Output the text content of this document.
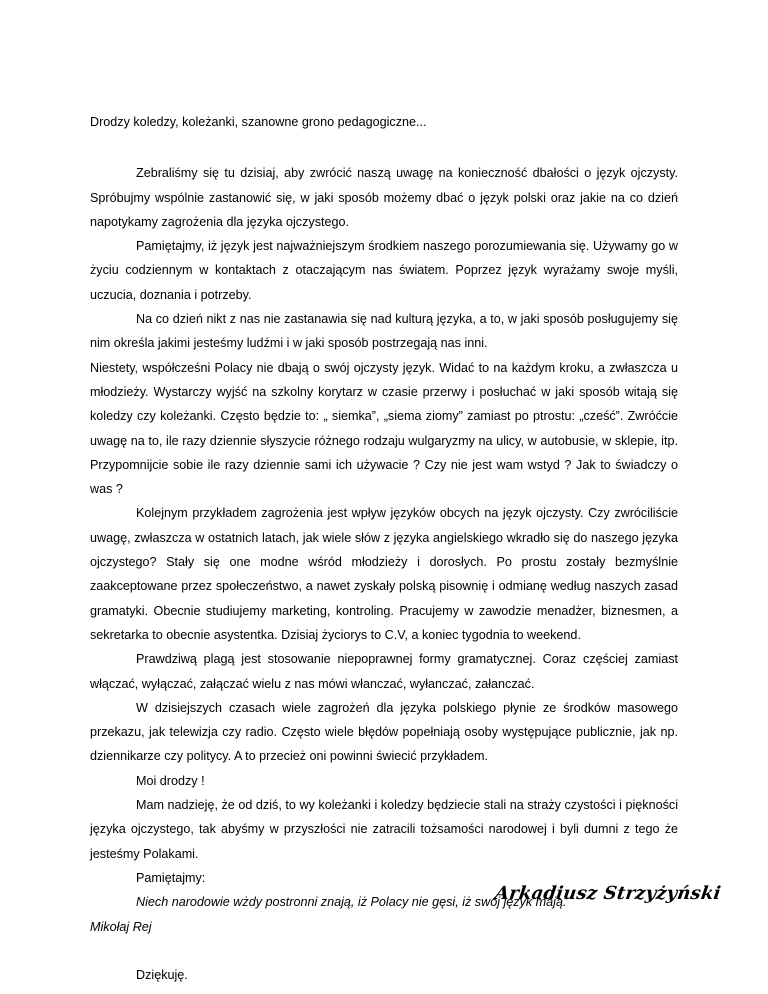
Drodzy koledzy, koleżanki, szanowne grono pedagogiczne...

Zebraliśmy się tu dzisiaj, aby zwrócić naszą uwagę na konieczność dbałości o język ojczysty. Spróbujmy wspólnie zastanowić się, w jaki sposób możemy dbać o język polski oraz jakie na co dzień napotykamy zagrożenia dla języka ojczystego.

Pamiętajmy, iż język jest najważniejszym środkiem naszego porozumiewania się. Używamy go w życiu codziennym w kontaktach z otaczającym nas światem. Poprzez język wyrażamy swoje myśli, uczucia, doznania i potrzeby.

Na co dzień nikt z nas nie zastanawia się nad kulturą języka, a to, w jaki sposób posługujemy się nim określa jakimi jesteśmy ludźmi i w jaki sposób postrzegają nas inni.

Niestety, współcześni Polacy nie dbają o swój ojczysty język. Widać to na każdym kroku, a zwłaszcza u młodzieży. Wystarczy wyjść na szkolny korytarz w czasie przerwy i posłuchać w jaki sposób witają się koledzy czy koleżanki. Często będzie to: „ siemka”, „siema ziomy” zamiast po ptrostu: „cześć”. Zwróćcie uwagę na to, ile razy dziennie słyszycie różnego rodzaju wulgaryzmy na ulicy, w autobusie, w sklepie, itp. Przypomnijcie sobie ile razy dziennie sami ich używacie ? Czy nie jest wam wstyd ? Jak to świadczy o was ?

Kolejnym przykładem zagrożenia jest wpływ języków obcych na język ojczysty. Czy zwróciliście uwagę, zwłaszcza w ostatnich latach, jak wiele słów z języka angielskiego wkradło się do naszego języka ojczystego? Stały się one modne wśród młodzieży i dorosłych. Po prostu zostały bezmyślnie zaakceptowane przez społeczeństwo, a nawet zyskały polską pisownię i odmianę według naszych zasad gramatyki. Obecnie studiujemy marketing, kontroling. Pracujemy w zawodzie menadżer, biznesmen, a sekretarka to obecnie asystentka. Dzisiaj życiorys to C.V, a koniec tygodnia to weekend.

Prawdziwą plagą jest stosowanie niepoprawnej formy gramatycznej. Coraz częściej zamiast włączać, wyłączać, załączać wielu z nas mówi włanczać, wyłanczać, załanczać.

W dzisiejszych czasach wiele zagrożeń dla języka polskiego płynie ze środków masowego przekazu, jak telewizja czy radio. Często wiele błędów popełniają osoby występujące publicznie, jak np. dziennikarze czy politycy. A to przecież oni powinni świecić przykładem.

Moi drodzy !

Mam nadzieję, że od dziś, to wy koleżanki i koledzy będziecie stali na straży czystości i piękności języka ojczystego, tak abyśmy w przyszłości nie zatracili tożsamości narodowej i byli dumni z tego że jesteśmy Polakami.

Pamiętajmy:

Niech narodowie wżdy postronni znają, iż Polacy nie gęsi, iż swój język mają.

Mikołaj Rej

Dziękuję.

Arkadiusz Strzyżyński
